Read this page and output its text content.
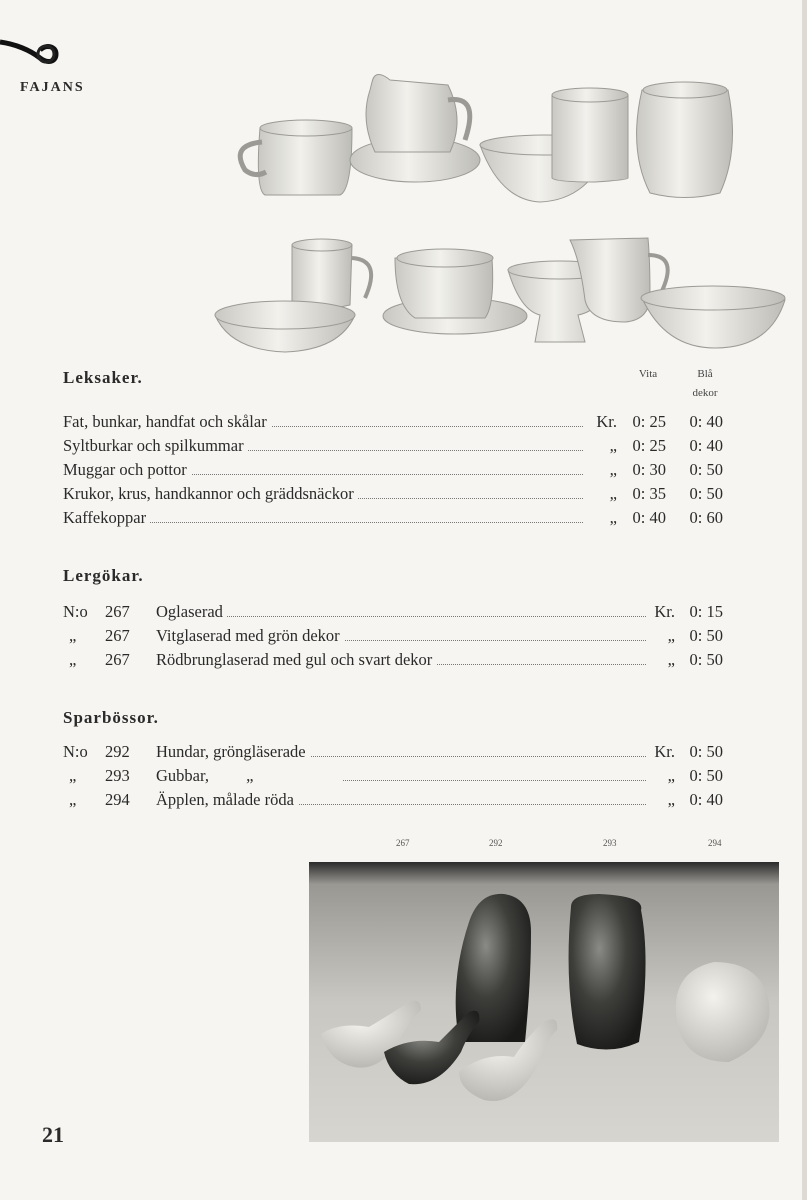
FAJANS
Leksaker.	Vita	Blå
dekor
Fat, bunkar, handfat och skålar	Kr. 0: 25	0: 40
Syltburkar och spilkummar	„ 0: 25	0: 40
Muggar och pottor	„ 0: 30	0: 50
Krukor, krus, handkannor och gräddsnäckor	„ 0: 35	0: 50
Kaffekoppar	„ 0: 40	0: 60
Lergökar.
N:o 267 Oglaserad	Kr. 0: 15
„ 267 Vitglaserad med grön dekor	„ 0: 50
„ 267 Rödbrunglaserad med gul och svart dekor	„ 0: 50
Sparbössor.
N:o 292 Hundar, gröngläserade	Kr. 0: 50
„ 293 Gubbar,         „	„ 0: 50
„ 294 Äpplen, målade röda	„ 0: 40
267	292	293	294
21
